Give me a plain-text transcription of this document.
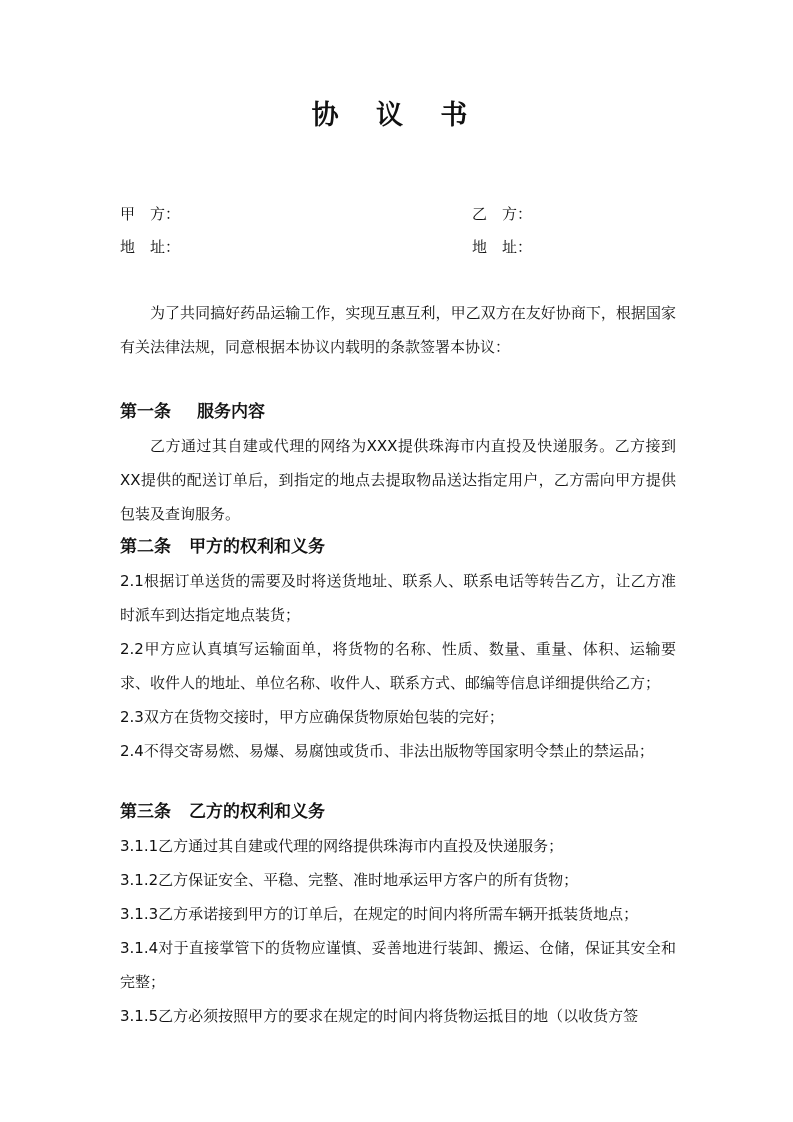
协 议 书
甲　方：	乙　方：
地　址：	地　址：

为了共同搞好药品运输工作，实现互惠互利，甲乙双方在友好协商下，根据国家有关法律法规，同意根据本协议内载明的条款签署本协议：

第一条 服务内容

乙方通过其自建或代理的网络为XXX提供珠海市内直投及快递服务。乙方接到XX提供的配送订单后，到指定的地点去提取物品送达指定用户，乙方需向甲方提供包装及查询服务。

第二条 甲方的权利和义务

2.1根据订单送货的需要及时将送货地址、联系人、联系电话等转告乙方，让乙方准时派车到达指定地点装货；

2.2甲方应认真填写运输面单，将货物的名称、性质、数量、重量、体积、运输要求、收件人的地址、单位名称、收件人、联系方式、邮编等信息详细提供给乙方；

2.3双方在货物交接时，甲方应确保货物原始包装的完好；

2.4不得交寄易燃、易爆、易腐蚀或货币、非法出版物等国家明令禁止的禁运品；

第三条 乙方的权利和义务

3.1.1乙方通过其自建或代理的网络提供珠海市内直投及快递服务；

3.1.2乙方保证安全、平稳、完整、准时地承运甲方客户的所有货物；

3.1.3乙方承诺接到甲方的订单后，在规定的时间内将所需车辆开抵装货地点；

3.1.4对于直接掌管下的货物应谨慎、妥善地进行装卸、搬运、仓储，保证其安全和完整；

3.1.5乙方必须按照甲方的要求在规定的时间内将货物运抵目的地（以收货方签
